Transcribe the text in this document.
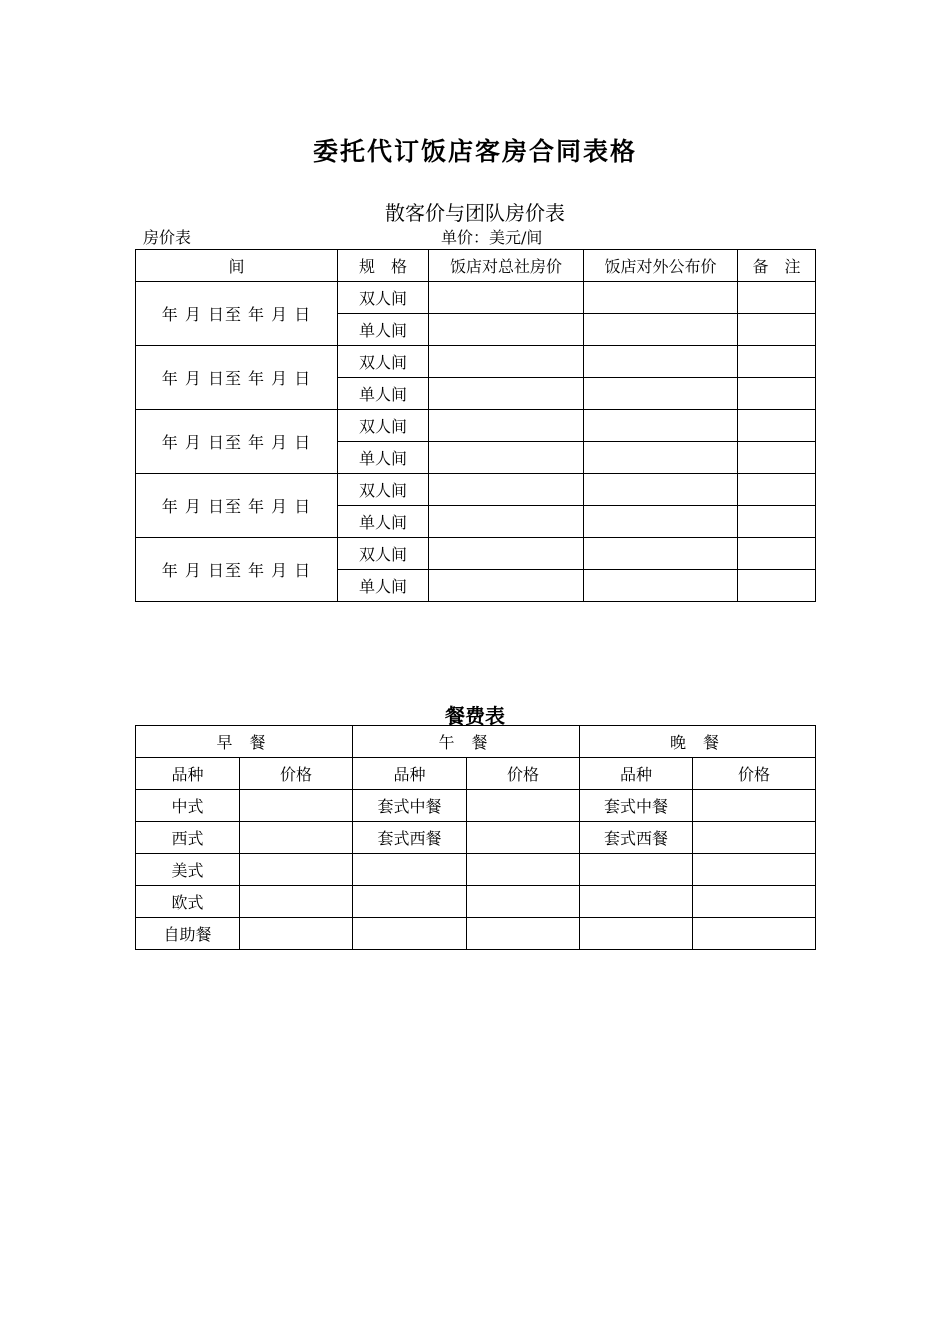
委托代订饭店客房合同表格
散客价与团队房价表
房价表	单价：美元/间
间	规　格	饭店对总社房价	饭店对外公布价	备　注
年 月 日至 年 月 日	双人间			
	单人间			
年 月 日至 年 月 日	双人间			
	单人间			
年 月 日至 年 月 日	双人间			
	单人间			
年 月 日至 年 月 日	双人间			
	单人间			
年 月 日至 年 月 日	双人间			
	单人间			
餐费表
早 餐		午 餐		晚 餐	
品种	价格	品种	价格	品种	价格
中式		套式中餐		套式中餐	
西式		套式西餐		套式西餐	
美式					
欧式					
自助餐					
